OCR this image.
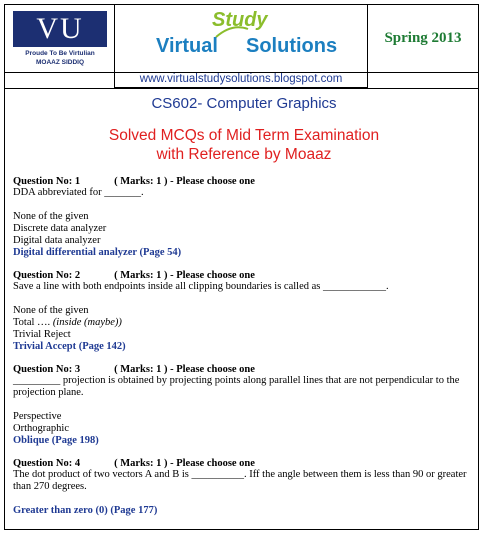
VU
Proude To Be Virtulian
MOAAZ SIDDIQ
Study
Virtual Solutions	Spring 2013
www.virtualstudysolutions.blogspot.com
CS602- Computer Graphics
Solved MCQs of Mid Term Examination
with Reference by Moaaz
Question No: 1	( Marks: 1 ) - Please choose one
DDA abbreviated for _______.
None of the given
Discrete data analyzer
Digital data analyzer
Digital differential analyzer (Page 54)
Question No: 2	( Marks: 1 ) - Please choose one
Save a line with both endpoints inside all clipping boundaries is called as ____________.
None of the given
Total …. (inside (maybe))
Trivial Reject
Trivial Accept (Page 142)
Question No: 3	( Marks: 1 ) - Please choose one
_________ projection is obtained by projecting points along parallel lines that are not perpendicular to the projection plane.
Perspective
Orthographic
Oblique (Page 198)
Question No: 4	( Marks: 1 ) - Please choose one
The dot product of two vectors A and B is __________. Iff the angle between them is less than 90 or greater than 270 degrees.
Greater than zero (0) (Page 177)
